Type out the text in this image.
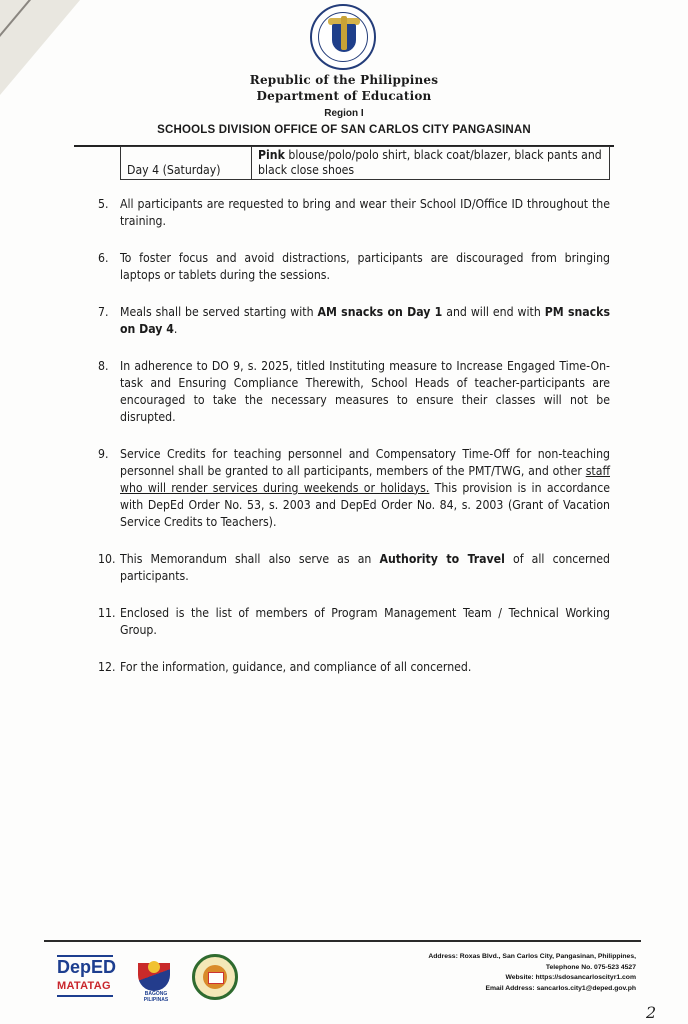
Republic of the Philippines
Department of Education
Region I
SCHOOLS DIVISION OFFICE OF SAN CARLOS CITY PANGASINAN
Day 4 (Saturday)	Pink blouse/polo/polo shirt, black coat/blazer, black pants and black close shoes
5. All participants are requested to bring and wear their School ID/Office ID throughout the training.
6. To foster focus and avoid distractions, participants are discouraged from bringing laptops or tablets during the sessions.
7. Meals shall be served starting with AM snacks on Day 1 and will end with PM snacks on Day 4.
8. In adherence to DO 9, s. 2025, titled Instituting measure to Increase Engaged Time-On-task and Ensuring Compliance Therewith, School Heads of teacher-participants are encouraged to take the necessary measures to ensure their classes will not be disrupted.
9. Service Credits for teaching personnel and Compensatory Time-Off for non-teaching personnel shall be granted to all participants, members of the PMT/TWG, and other staff who will render services during weekends or holidays. This provision is in accordance with DepEd Order No. 53, s. 2003 and DepEd Order No. 84, s. 2003 (Grant of Vacation Service Credits to Teachers).
10. This Memorandum shall also serve as an Authority to Travel of all concerned participants.
11. Enclosed is the list of members of Program Management Team / Technical Working Group.
12. For the information, guidance, and compliance of all concerned.
DepED
MATATAG
BAGONG PILIPINAS
Address: Roxas Blvd., San Carlos City, Pangasinan, Philippines,
Telephone No. 075-523 4527
Website: https://sdosancarloscityr1.com
Email Address: sancarlos.city1@deped.gov.ph
2
